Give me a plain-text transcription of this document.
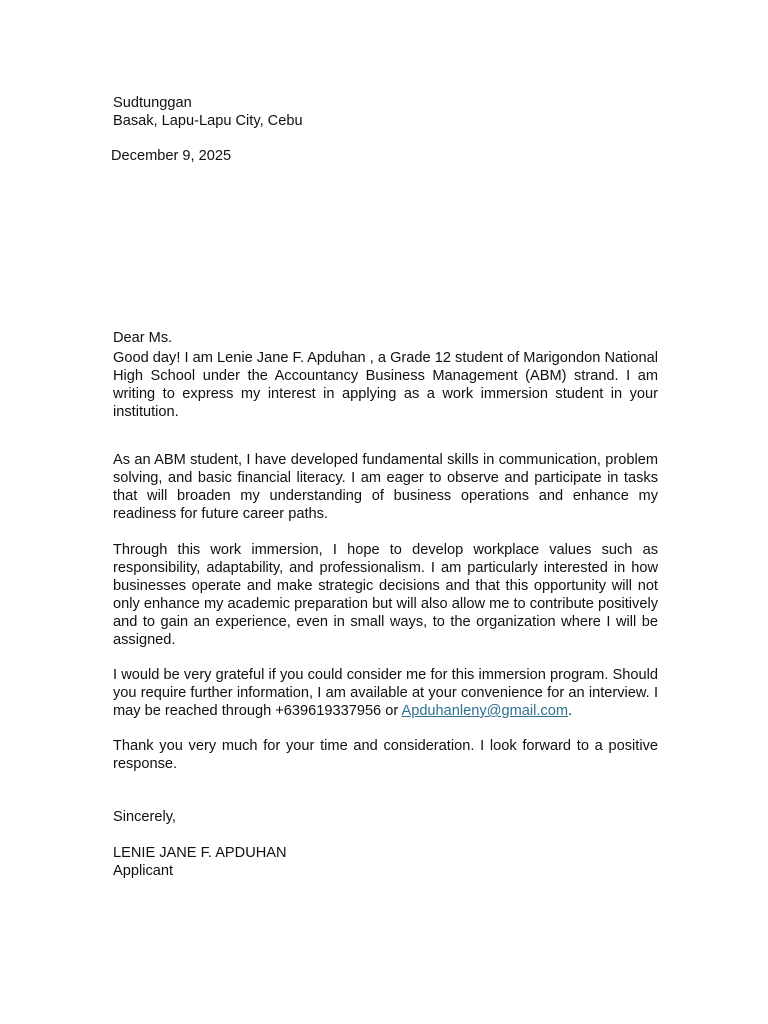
Sudtunggan
Basak, Lapu-Lapu City, Cebu
December 9, 2025
Dear Ms.

Good day! I am Lenie Jane F. Apduhan , a Grade 12 student of Marigondon National High School under the Accountancy Business Management (ABM) strand. I am writing to express my interest in applying as a work immersion student in your institution.

As an ABM student, I have developed fundamental skills in communication, problem solving, and basic financial literacy. I am eager to observe and participate in tasks that will broaden my understanding of business operations and enhance my readiness for future career paths.

Through this work immersion, I hope to develop workplace values such as responsibility, adaptability, and professionalism. I am particularly interested in how businesses operate and make strategic decisions and that this opportunity will not only enhance my academic preparation but will also allow me to contribute positively and to gain an experience, even in small ways, to the organization where I will be assigned.

I would be very grateful if you could consider me for this immersion program. Should you require further information, I am available at your convenience for an interview. I may be reached through +639619337956 or Apduhanleny@gmail.com.

Thank you very much for your time and consideration. I look forward to a positive response.

Sincerely,
LENIE JANE F. APDUHAN
Applicant
